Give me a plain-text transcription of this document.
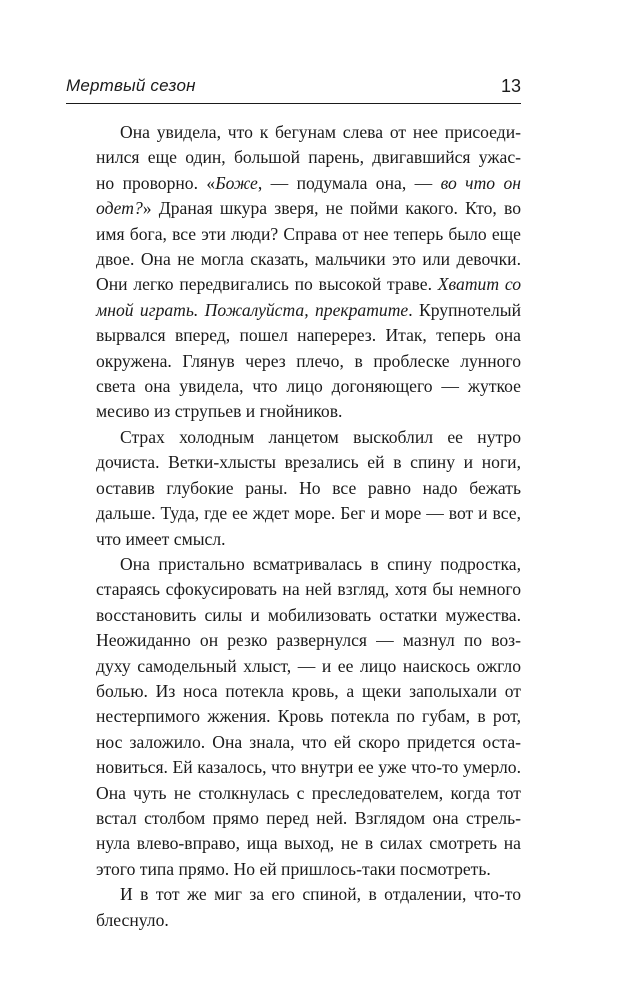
Мертвый сезон	13

Она увидела, что к бегунам слева от нее присоеди-
нился еще один, большой парень, двигавшийся ужас-
но проворно. «Боже, — подумала она, — во что он
одет?» Драная шкура зверя, не пойми какого. Кто, во
имя бога, все эти люди? Справа от нее теперь было еще
двое. Она не могла сказать, мальчики это или девочки.
Они легко передвигались по высокой траве. Хватит со
мной играть. Пожалуйста, прекратите. Крупнотелый
вырвался вперед, пошел наперерез. Итак, теперь она
окружена. Глянув через плечо, в проблеске лунного
света она увидела, что лицо догоняющего — жуткое
месиво из струпьев и гнойников.

Страх холодным ланцетом выскоблил ее нутро
дочиста. Ветки-хлысты врезались ей в спину и ноги,
оставив глубокие раны. Но все равно надо бежать
дальше. Туда, где ее ждет море. Бег и море — вот и все,
что имеет смысл.

Она пристально всматривалась в спину подростка,
стараясь сфокусировать на ней взгляд, хотя бы немного
восстановить силы и мобилизовать остатки мужества.
Неожиданно он резко развернулся — мазнул по воз-
духу самодельный хлыст, — и ее лицо наискось ожгло
болью. Из носа потекла кровь, а щеки заполыхали от
нестерпимого жжения. Кровь потекла по губам, в рот,
нос заложило. Она знала, что ей скоро придется оста-
новиться. Ей казалось, что внутри ее уже что-то умерло.
Она чуть не столкнулась с преследователем, когда тот
встал столбом прямо перед ней. Взглядом она стрель-
нула влево-вправо, ища выход, не в силах смотреть на
этого типа прямо. Но ей пришлось-таки посмотреть.

И в тот же миг за его спиной, в отдалении, что-то
блеснуло.
